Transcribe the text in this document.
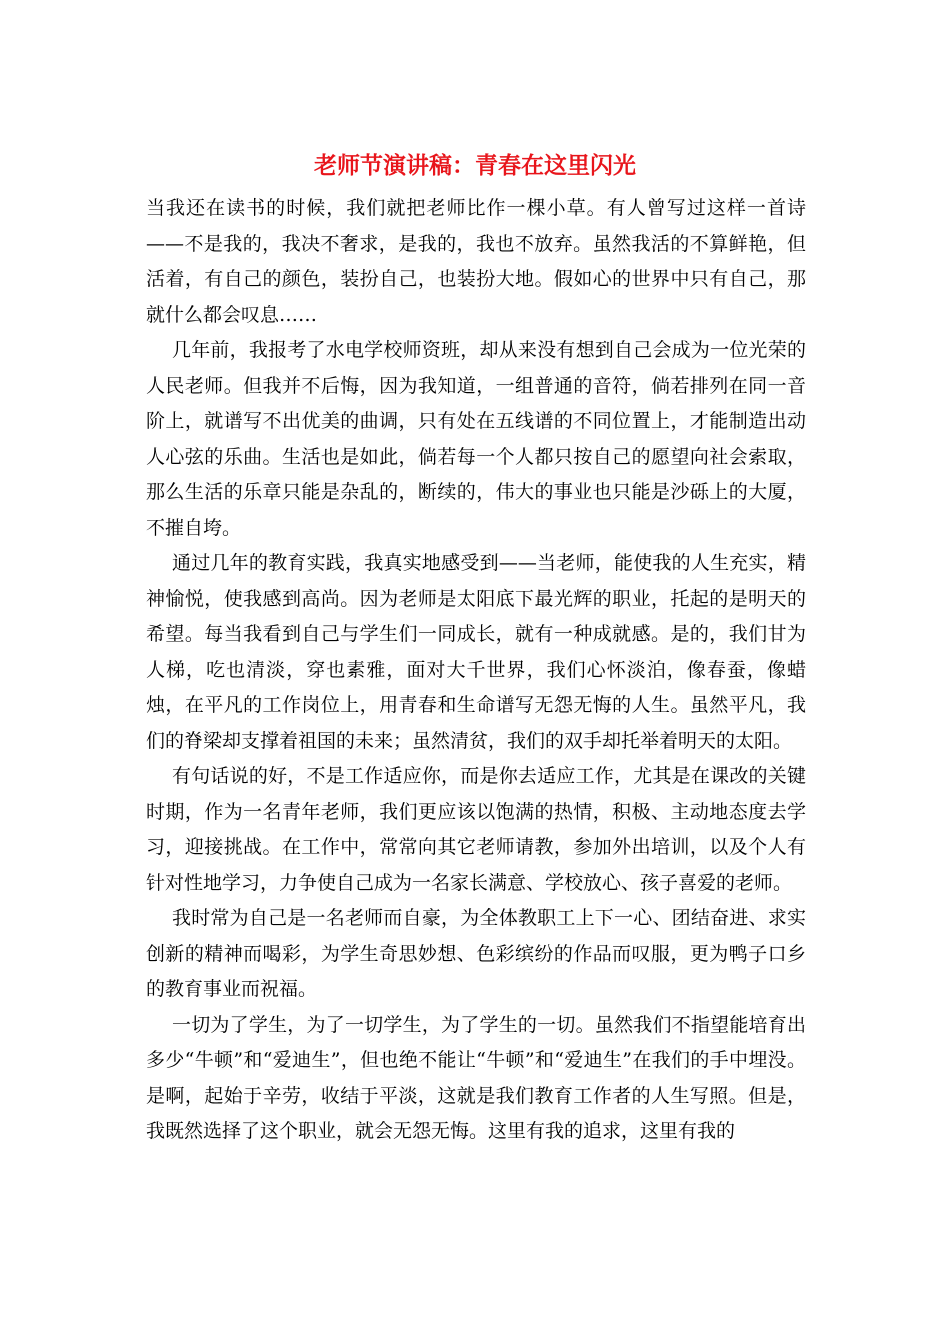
老师节演讲稿：青春在这里闪光

当我还在读书的时候，我们就把老师比作一棵小草。有人曾写过这样一首诗——不是我的，我决不奢求，是我的，我也不放弃。虽然我活的不算鲜艳，但活着，有自己的颜色，装扮自己，也装扮大地。假如心的世界中只有自己，那就什么都会叹息……

几年前，我报考了水电学校师资班，却从来没有想到自己会成为一位光荣的人民老师。但我并不后悔，因为我知道，一组普通的音符，倘若排列在同一音阶上，就谱写不出优美的曲调，只有处在五线谱的不同位置上，才能制造出动人心弦的乐曲。生活也是如此，倘若每一个人都只按自己的愿望向社会索取，那么生活的乐章只能是杂乱的，断续的，伟大的事业也只能是沙砾上的大厦，不摧自垮。

通过几年的教育实践，我真实地感受到——当老师，能使我的人生充实，精神愉悦，使我感到高尚。因为老师是太阳底下最光辉的职业，托起的是明天的希望。每当我看到自己与学生们一同成长，就有一种成就感。是的，我们甘为人梯，吃也清淡，穿也素雅，面对大千世界，我们心怀淡泊，像春蚕，像蜡烛，在平凡的工作岗位上，用青春和生命谱写无怨无悔的人生。虽然平凡，我们的脊梁却支撑着祖国的未来；虽然清贫，我们的双手却托举着明天的太阳。

有句话说的好，不是工作适应你，而是你去适应工作，尤其是在课改的关键时期，作为一名青年老师，我们更应该以饱满的热情，积极、主动地态度去学习，迎接挑战。在工作中，常常向其它老师请教，参加外出培训，以及个人有针对性地学习，力争使自己成为一名家长满意、学校放心、孩子喜爱的老师。

我时常为自己是一名老师而自豪，为全体教职工上下一心、团结奋进、求实创新的精神而喝彩，为学生奇思妙想、色彩缤纷的作品而叹服，更为鸭子口乡的教育事业而祝福。

一切为了学生，为了一切学生，为了学生的一切。虽然我们不指望能培育出多少“牛顿”和“爱迪生”，但也绝不能让“牛顿”和“爱迪生”在我们的手中埋没。是啊，起始于辛劳，收结于平淡，这就是我们教育工作者的人生写照。但是，我既然选择了这个职业，就会无怨无悔。这里有我的追求，这里有我的
